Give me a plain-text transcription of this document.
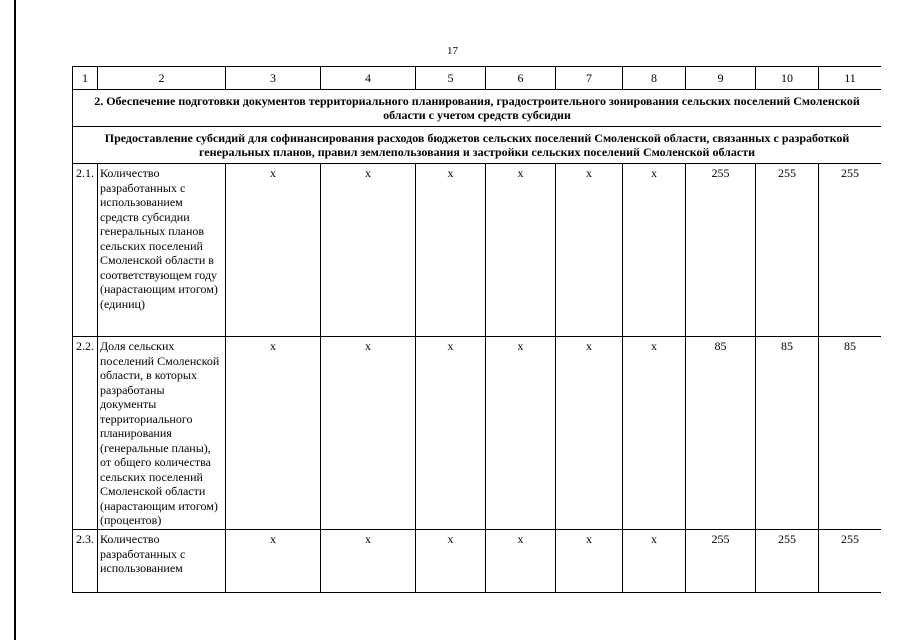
17
1	2	3	4	5	6	7	8	9	10	11
2. Обеспечение подготовки документов территориального планирования, градостроительного зонирования сельских поселений Смоленской области с учетом средств субсидии										
Предоставление субсидий для софинансирования расходов бюджетов сельских поселений Смоленской области, связанных с разработкой генеральных планов, правил землепользования и застройки сельских поселений Смоленской области										
2.1.	Количество разработанных с использованием средств субсидии генеральных планов сельских поселений Смоленской области в соответствующем году (нарастающим итогом) (единиц)	x	x	x	x	x	x	255	255	255
2.2.	Доля сельских поселений Смоленской области, в которых разработаны документы территориального планирования (генеральные планы), от общего количества сельских поселений Смоленской области (нарастающим итогом) (процентов)	x	x	x	x	x	x	85	85	85
2.3.	Количество разработанных с использованием	x	x	x	x	x	x	255	255	255
